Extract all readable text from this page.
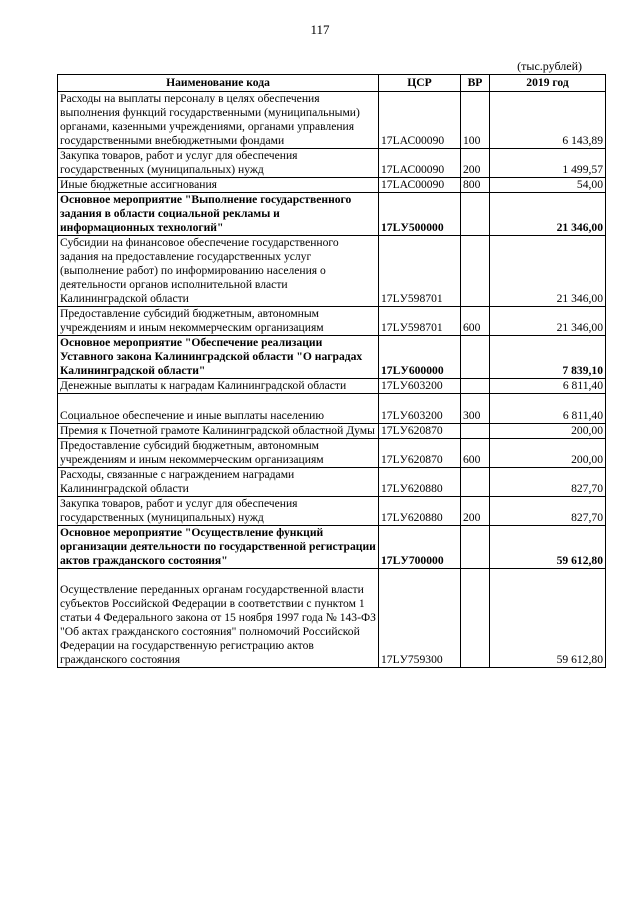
117
(тыс.рублей)
Наименование кода	ЦСР	ВР	2019 год
Расходы на выплаты персоналу в целях обеспечения выполнения функций государственными (муниципальными) органами, казенными учреждениями, органами управления государственными внебюджетными фондами	17LАС00090	100	6 143,89
Закупка товаров, работ и услуг для обеспечения государственных (муниципальных) нужд	17LАС00090	200	1 499,57
Иные бюджетные ассигнования	17LАС00090	800	54,00
Основное мероприятие "Выполнение государственного задания в области социальной рекламы и информационных технологий"	17LУ500000		21 346,00
Субсидии на финансовое обеспечение государственного задания на предоставление государственных услуг (выполнение работ) по информированию населения о деятельности органов исполнительной власти Калининградской области	17LУ598701		21 346,00
Предоставление субсидий бюджетным, автономным учреждениям и иным некоммерческим организациям	17LУ598701	600	21 346,00
Основное мероприятие "Обеспечение реализации Уставного закона Калининградской области "О наградах Калининградской области"	17LУ600000		7 839,10
Денежные выплаты к наградам Калининградской области	17LУ603200		6 811,40
Социальное обеспечение и иные выплаты населению	17LУ603200	300	6 811,40
Премия к Почетной грамоте Калининградской областной Думы	17LУ620870		200,00
Предоставление субсидий бюджетным, автономным учреждениям и иным некоммерческим организациям	17LУ620870	600	200,00
Расходы, связанные с награждением наградами Калининградской области	17LУ620880		827,70
Закупка товаров, работ и услуг для обеспечения государственных (муниципальных) нужд	17LУ620880	200	827,70
Основное мероприятие "Осуществление функций организации деятельности по государственной регистрации актов гражданского состояния"	17LУ700000		59 612,80
Осуществление переданных органам государственной власти субъектов Российской Федерации в соответствии с пунктом 1 статьи 4 Федерального закона от 15 ноября 1997 года № 143-ФЗ "Об актах гражданского состояния" полномочий Российской Федерации на государственную регистрацию актов гражданского состояния	17LУ759300		59 612,80
